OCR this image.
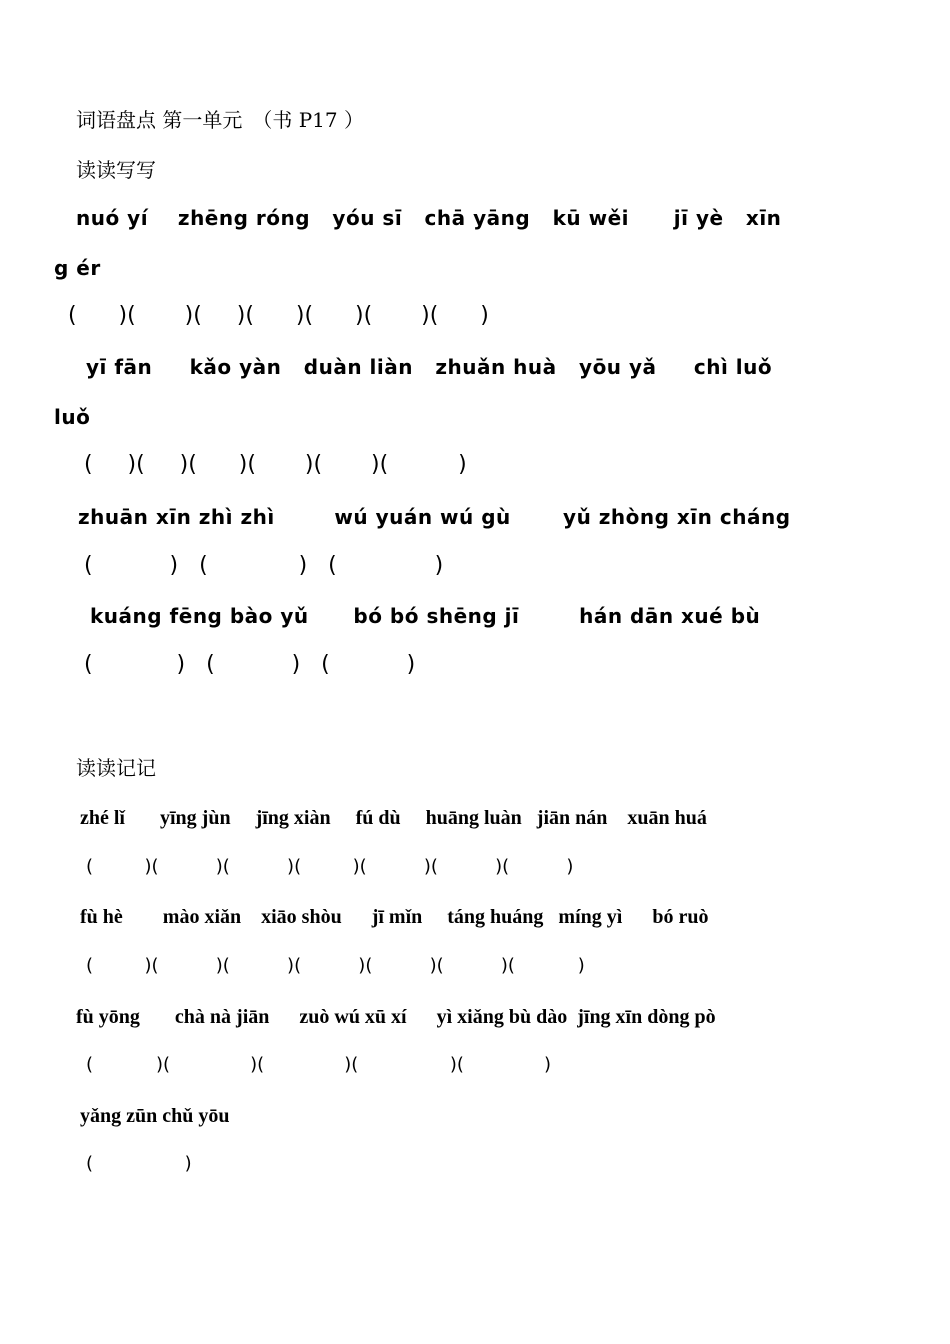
词语盘点 第一单元　（书 P17 ）
读读写写
nuó yí    zhēng róng   yóu sī   chā yāng   kū wěi      jī yè   xīn
g ér
(      )(       )(     )(      )(      )(       )(      )
yī fān     kǎo yàn   duàn liàn   zhuǎn huà   yōu yǎ     chì luǒ
luǒ
(     )(     )(      )(       )(       )(          )
zhuān xīn zhì zhì        wú yuán wú gù       yǔ zhòng xīn cháng
(           )   (             )   (              )
kuáng fēng bào yǔ      bó bó shēng jī        hán dān xué bù
(            )   (           )   (           )
读读记记
zhé lǐ       yīng jùn     jīng xiàn     fú dù     huāng luàn   jiān nán    xuān huá
(         )(          )(          )(         )(          )(          )(          )
fù hè        mào xiǎn    xiāo shòu      jī mǐn     táng huáng   míng yì      bó ruò
(         )(          )(          )(          )(          )(          )(           )
fù yōng       chà nà jiān      zuò wú xū xí      yì xiǎng bù dào  jīng xīn dòng pò
(           )(              )(              )(                )(              )
yǎng zūn chǔ yōu
(                )
